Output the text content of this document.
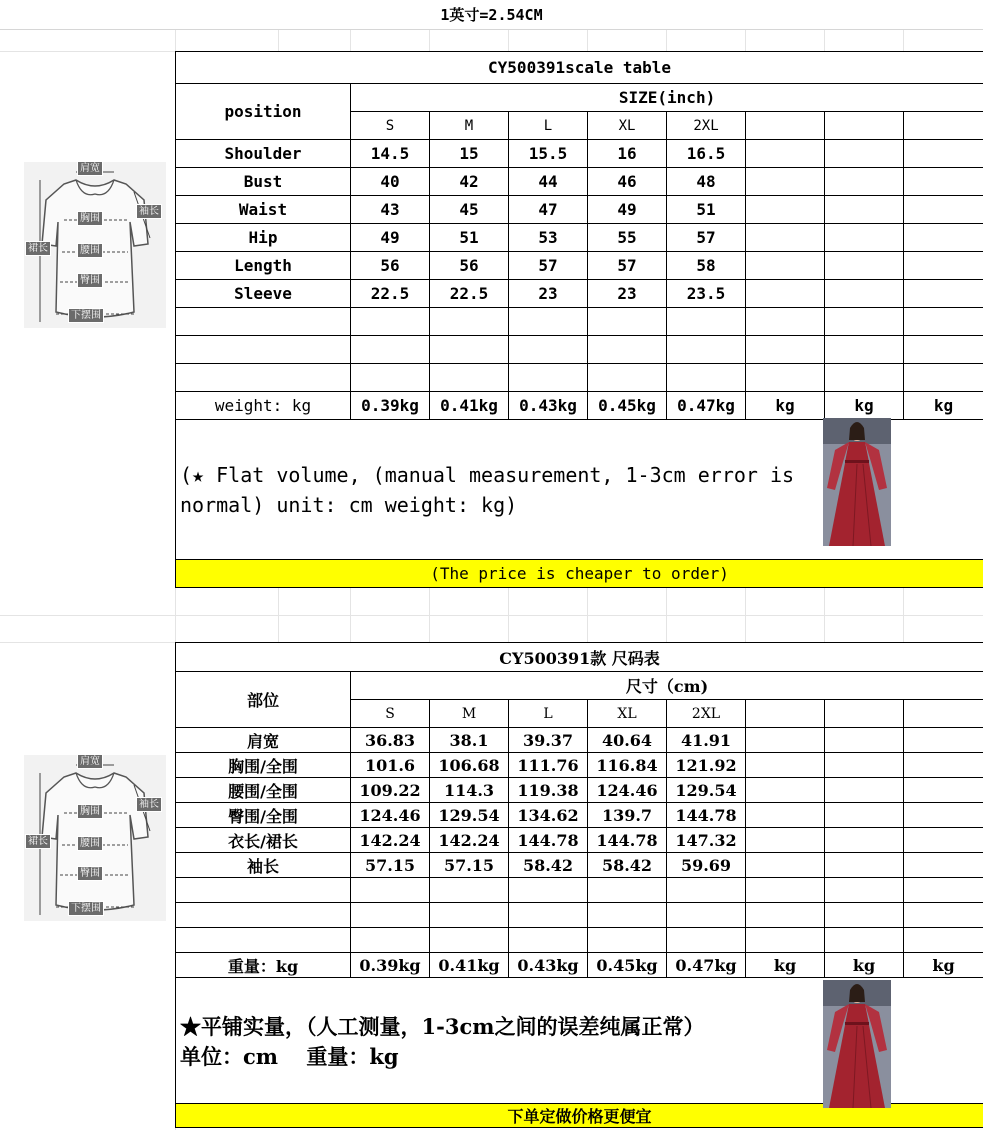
1英寸=2.54CM
肩宽
袖长
胸围
腰围
臀围
裙长
下摆围
CY500391scale table								
position	SIZE(inch)							
	S	M	L	XL	2XL			
Shoulder	14.5	15	15.5	16	16.5			
Bust	40	42	44	46	48			
Waist	43	45	47	49	51			
Hip	49	51	53	55	57			
Length	56	56	57	57	58			
Sleeve	22.5	22.5	23	23	23.5			

weight: kg	0.39kg	0.41kg	0.43kg	0.45kg	0.47kg	kg	kg	kg

(★ Flat volume, (manual measurement, 1-3cm error is normal) unit: cm weight: kg)								

(The price is cheaper to order)								
肩宽
袖长
胸围
腰围
臀围
裙长
下摆围
CY500391款 尺码表								
部位	尺寸（cm)							
	S	M	L	XL	2XL			
肩宽	36.83	38.1	39.37	40.64	41.91			
胸围/全围	101.6	106.68	111.76	116.84	121.92			
腰围/全围	109.22	114.3	119.38	124.46	129.54			
臀围/全围	124.46	129.54	134.62	139.7	144.78			
衣长/裙长	142.24	142.24	144.78	144.78	147.32			
袖长	57.15	57.15	58.42	58.42	59.69			

重量：kg	0.39kg	0.41kg	0.43kg	0.45kg	0.47kg	kg	kg	kg

★平铺实量，（人工测量，1-3cm之间的误差纯属正常）
单位：cm　 重量：kg								

下单定做价格更便宜								
